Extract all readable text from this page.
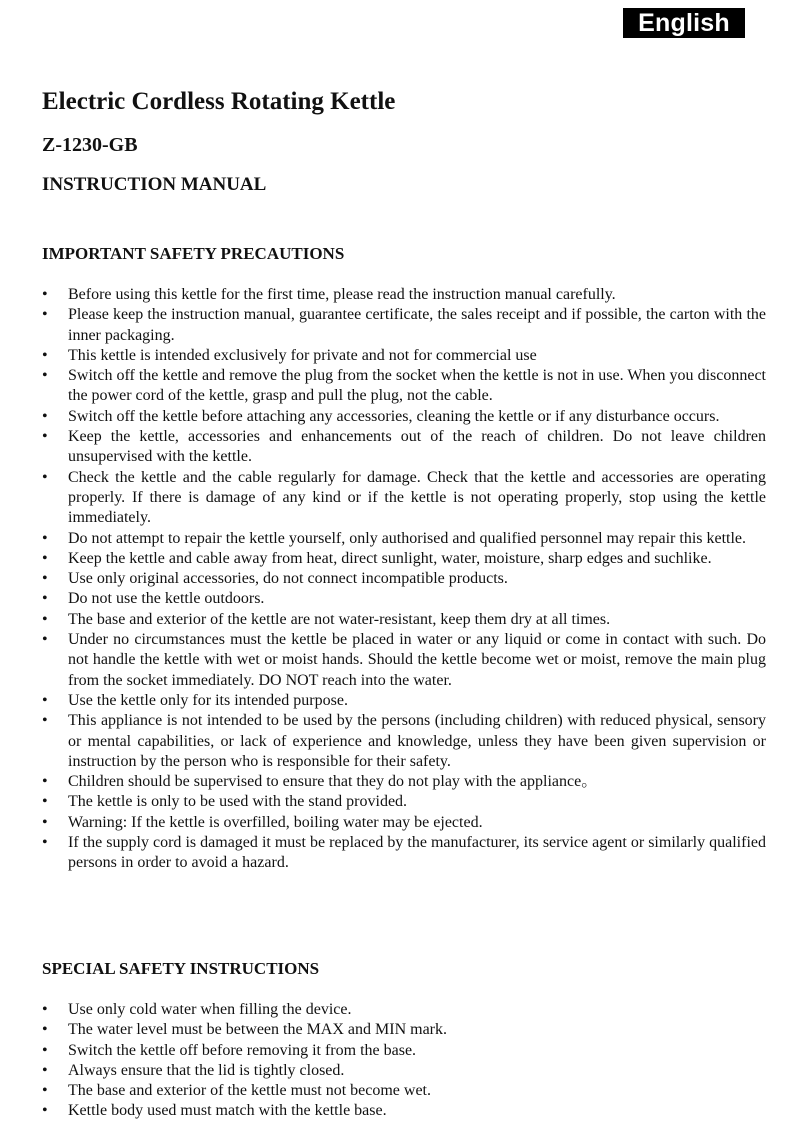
English
Electric Cordless Rotating Kettle
Z-1230-GB
INSTRUCTION MANUAL
IMPORTANT SAFETY PRECAUTIONS
•	Before using this kettle for the first time, please read the instruction manual carefully.
•	Please keep the instruction manual, guarantee certificate, the sales receipt and if possible, the carton with the inner packaging.
•	This kettle is intended exclusively for private and not for commercial use
•	Switch off the kettle and remove the plug from the socket when the kettle is not in use. When you disconnect the power cord of the kettle, grasp and pull the plug, not the cable.
•	Switch off the kettle before attaching any accessories, cleaning the kettle or if any disturbance occurs.
•	Keep the kettle, accessories and enhancements out of the reach of children. Do not leave children unsupervised with the kettle.
•	Check the kettle and the cable regularly for damage. Check that the kettle and accessories are operating properly. If there is damage of any kind or if the kettle is not operating properly, stop using the kettle immediately.
•	Do not attempt to repair the kettle yourself, only authorised and qualified personnel may repair this kettle.
•	Keep the kettle and cable away from heat, direct sunlight, water, moisture, sharp edges and suchlike.
•	Use only original accessories, do not connect incompatible products.
•	Do not use the kettle outdoors.
•	The base and exterior of the kettle are not water-resistant, keep them dry at all times.
•	Under no circumstances must the kettle be placed in water or any liquid or come in contact with such. Do not handle the kettle with wet or moist hands. Should the kettle become wet or moist, remove the main plug from the socket immediately. DO NOT reach into the water.
•	Use the kettle only for its intended purpose.
•	This appliance is not intended to be used by the persons (including children) with reduced physical, sensory or mental capabilities, or lack of experience and knowledge, unless they have been given supervision or instruction by the person who is responsible for their safety.
•	Children should be supervised to ensure that they do not play with the appliance。
•	The kettle is only to be used with the stand provided.
•	Warning: If the kettle is overfilled, boiling water may be ejected.
•	If the supply cord is damaged it must be replaced by the manufacturer, its service agent or similarly qualified persons in order to avoid a hazard.
SPECIAL SAFETY INSTRUCTIONS
•	Use only cold water when filling the device.
•	The water level must be between the MAX and MIN mark.
•	Switch the kettle off before removing it from the base.
•	Always ensure that the lid is tightly closed.
•	The base and exterior of the kettle must not become wet.
•	Kettle body used must match with the kettle base.
